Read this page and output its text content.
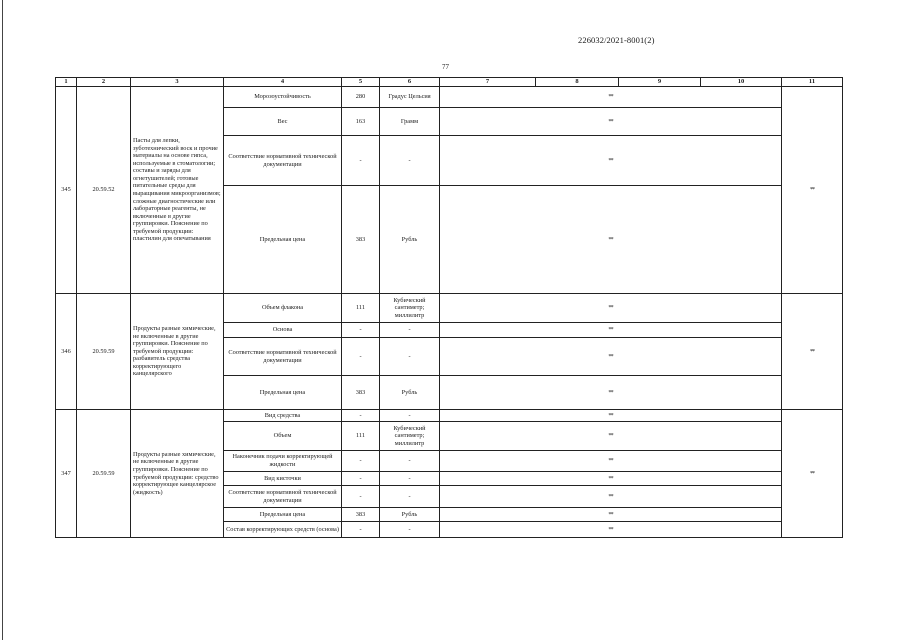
226032/2021-8001(2)
77
1	2	3	4	5	6	7	8	9	10	11
345	20.59.52	Пасты для лепки, зуботехнический воск и прочие материалы на основе гипса, используемые в стоматологии; составы и заряды для огнетушителей; готовые питательные среды для выращивания микроорганизмов; сложные диагностические или лабораторные реагенты, не включенные в другие группировки. Пояснение по требуемой продукции: пластилин для опечатывания	Морозоустойчивость	280	Градус Цельсия	**				**
			Вес	163	Грамм	**				
			Соответствие нормативной технической документации	-	-	**				
			Предельная цена	383	Рубль	**				
346	20.59.59	Продукты разные химические, не включенные в другие группировки. Пояснение по требуемой продукции: разбавитель средства корректирующего канцелярского	Объем флакона	111	Кубический сантиметр; миллилитр	**				**
			Основа	-	-	**				
			Соответствие нормативной технической документации	-	-	**				
			Предельная цена	383	Рубль	**				
347	20.59.59	Продукты разные химические, не включенные в другие группировки. Пояснение по требуемой продукции: средство корректирующее канцелярское (жидкость)	Вид средства	-	-	**				**
			Объем	111	Кубический сантиметр; миллилитр	**				
			Наконечник подачи корректирующей жидкости	-	-	**				
			Вид кисточки	-	-	**				
			Соответствие нормативной технической документации	-	-	**				
			Предельная цена	383	Рубль	**				
			Состав корректирующих средств (основа)	-	-	**				
